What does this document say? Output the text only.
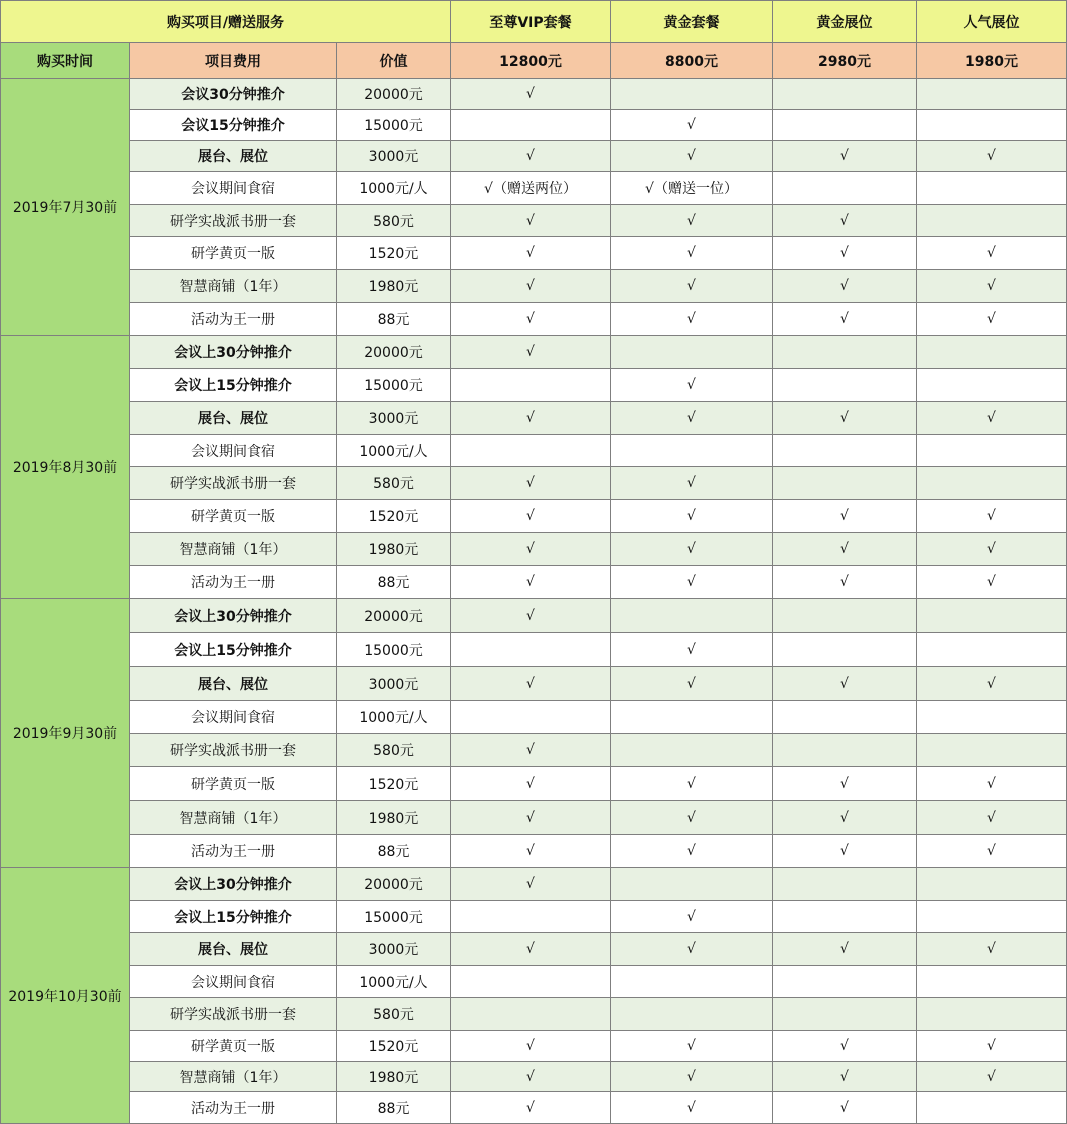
购买项目/赠送服务			至尊VIP套餐	黄金套餐	黄金展位	人气展位
购买时间	项目费用	价值	12800元	8800元	2980元	1980元
2019年7月30前	会议30分钟推介	20000元	√			
	会议15分钟推介	15000元		√		
	展台、展位	3000元	√	√	√	√
	会议期间食宿	1000元/人	√（赠送两位）	√（赠送一位）		
	研学实战派书册一套	580元	√	√	√	
	研学黄页一版	1520元	√	√	√	√
	智慧商铺（1年）	1980元	√	√	√	√
	活动为王一册	88元	√	√	√	√
2019年8月30前	会议上30分钟推介	20000元	√			
	会议上15分钟推介	15000元		√		
	展台、展位	3000元	√	√	√	√
	会议期间食宿	1000元/人				
	研学实战派书册一套	580元	√	√		
	研学黄页一版	1520元	√	√	√	√
	智慧商铺（1年）	1980元	√	√	√	√
	活动为王一册	88元	√	√	√	√
2019年9月30前	会议上30分钟推介	20000元	√			
	会议上15分钟推介	15000元		√		
	展台、展位	3000元	√	√	√	√
	会议期间食宿	1000元/人				
	研学实战派书册一套	580元	√			
	研学黄页一版	1520元	√	√	√	√
	智慧商铺（1年）	1980元	√	√	√	√
	活动为王一册	88元	√	√	√	√
2019年10月30前	会议上30分钟推介	20000元	√			
	会议上15分钟推介	15000元		√		
	展台、展位	3000元	√	√	√	√
	会议期间食宿	1000元/人				
	研学实战派书册一套	580元				
	研学黄页一版	1520元	√	√	√	√
	智慧商铺（1年）	1980元	√	√	√	√
	活动为王一册	88元	√	√	√	
